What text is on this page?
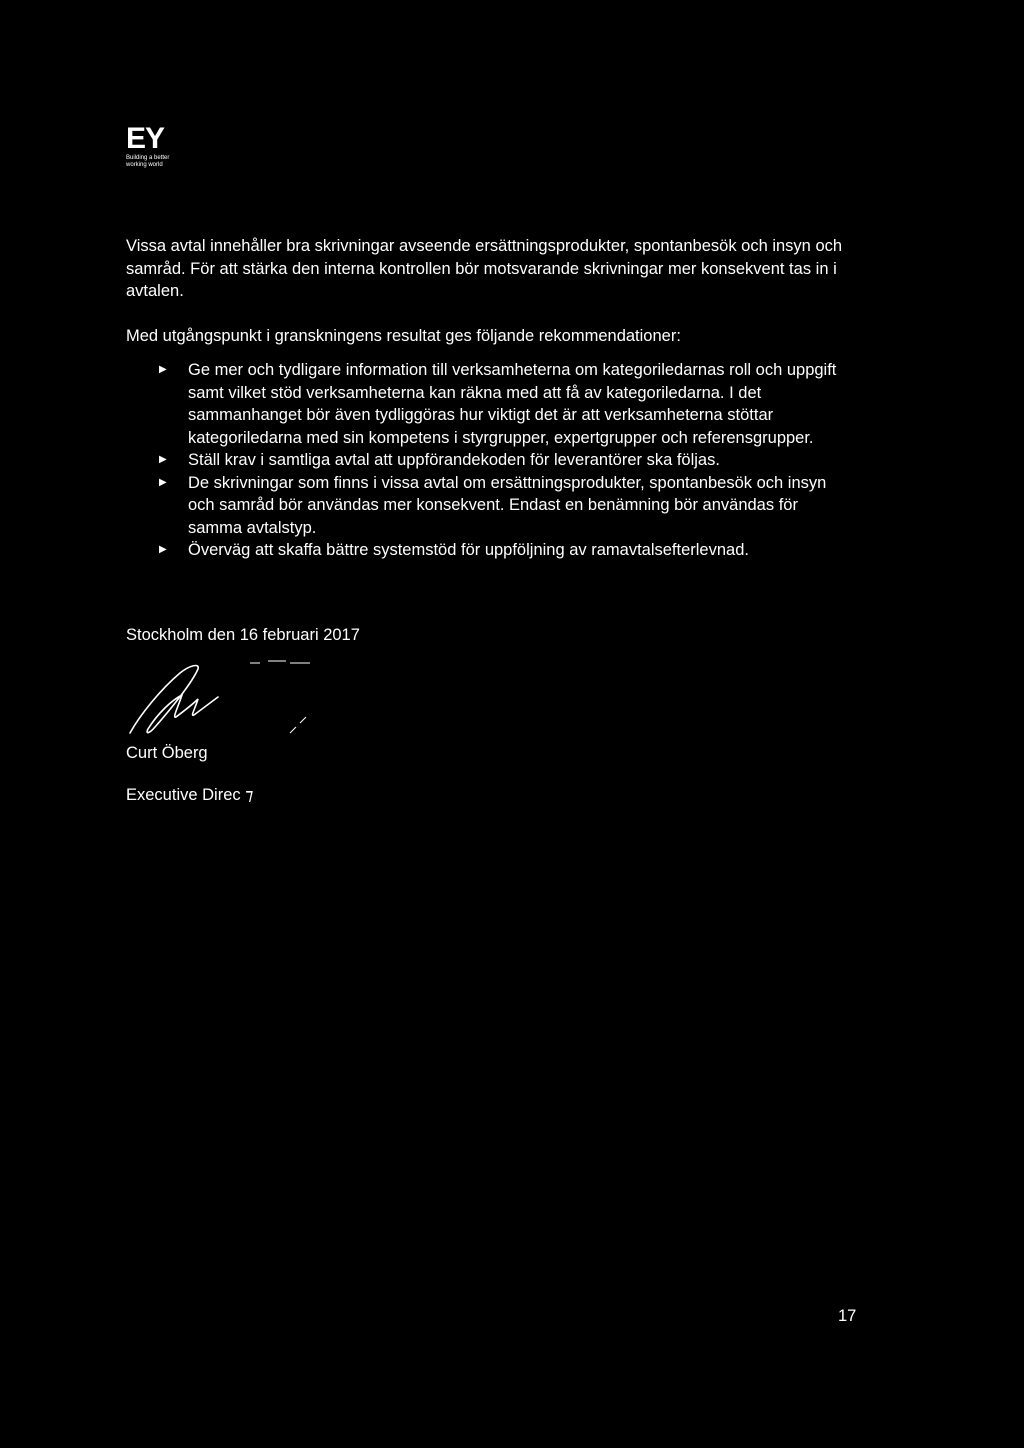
EY
Building a better working world

Vissa avtal innehåller bra skrivningar avseende ersättningsprodukter, spontanbesök och insyn och samråd. För att stärka den interna kontrollen bör motsvarande skrivningar mer konsekvent tas in i avtalen.

Med utgångspunkt i granskningens resultat ges följande rekommendationer:

▶ Ge mer och tydligare information till verksamheterna om kategoriledarnas roll och uppgift samt vilket stöd verksamheterna kan räkna med att få av kategoriledarna. I det sammanhanget bör även tydliggöras hur viktigt det är att verksamheterna stöttar kategoriledarna med sin kompetens i styrgrupper, expertgrupper och referensgrupper.
▶ Ställ krav i samtliga avtal att uppförandekoden för leverantörer ska följas.
▶ De skrivningar som finns i vissa avtal om ersättningsprodukter, spontanbesök och insyn och samråd bör användas mer konsekvent. Endast en benämning bör användas för samma avtalstyp.
▶ Överväg att skaffa bättre systemstöd för uppföljning av ramavtalsefterlevnad.
Stockholm den 16 februari 2017
Curt Öberg
Executive Direc ⁊
17
